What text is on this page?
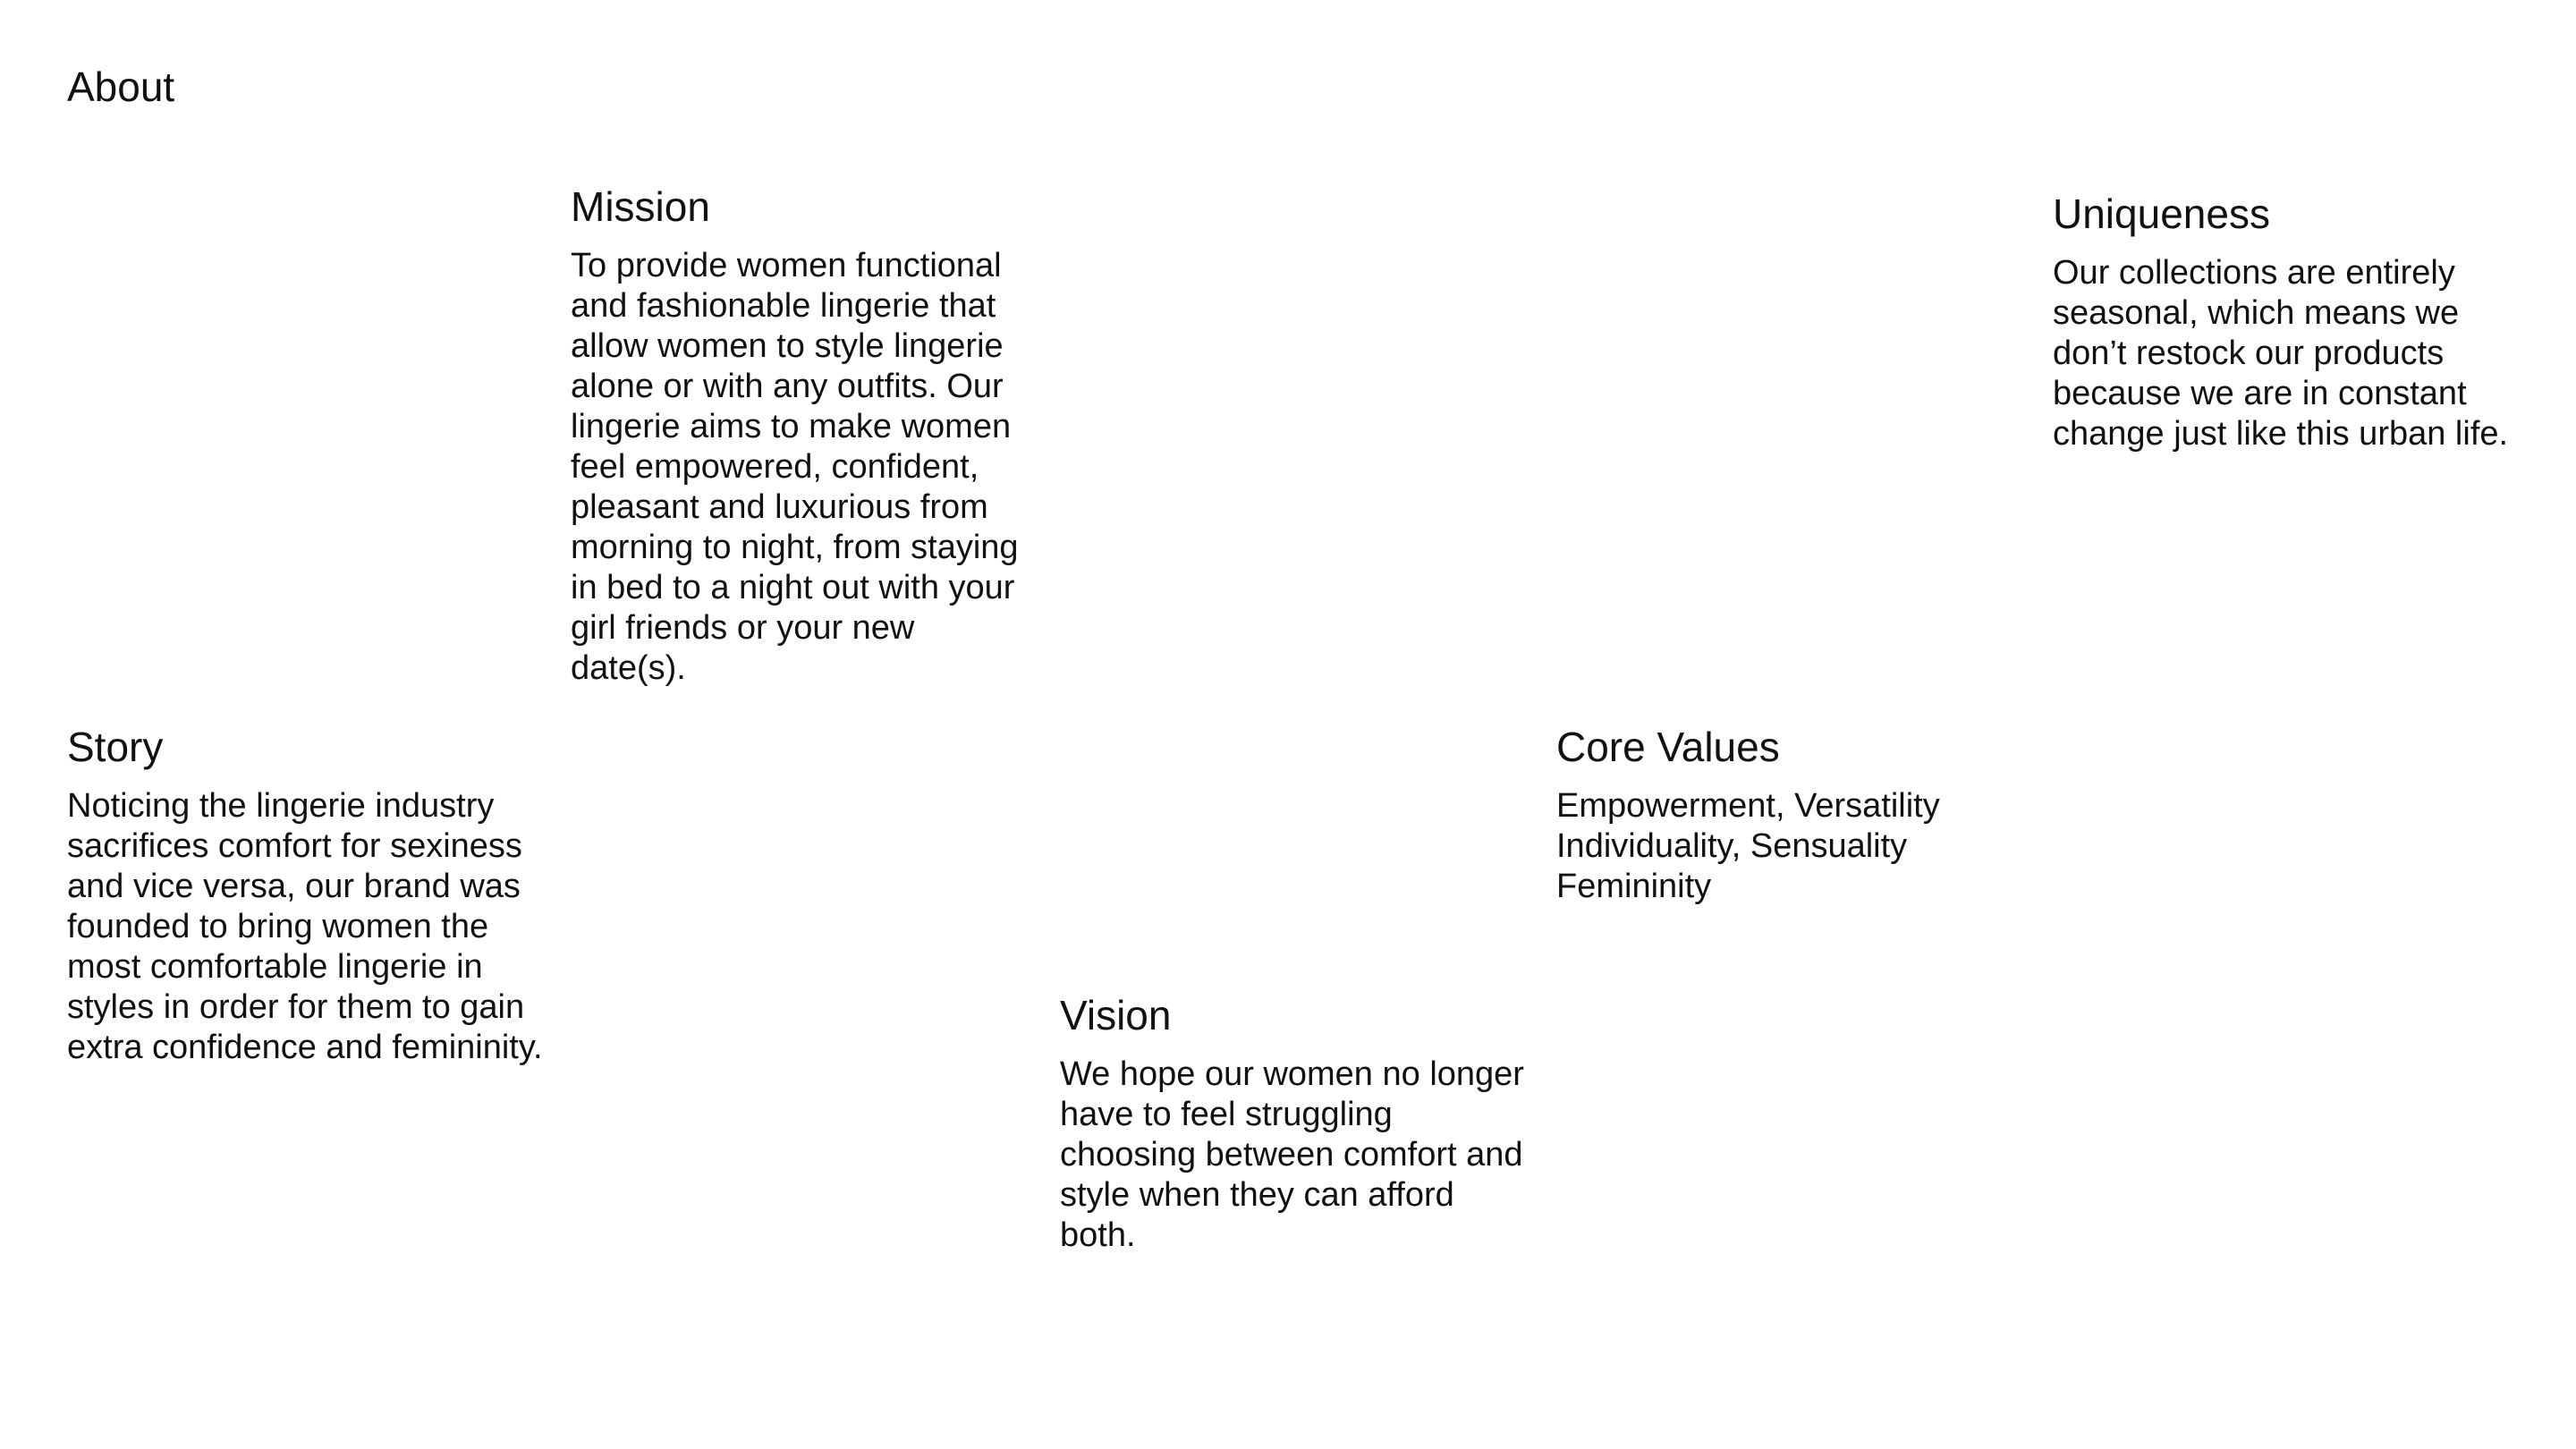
About
Mission

To provide women functional and fashionable lingerie that allow women to style lingerie alone or with any outfits. Our lingerie aims to make women feel empowered, confident, pleasant and luxurious from morning to night, from staying in bed to a night out with your girl friends or your new date(s).

Uniqueness

Our collections are entirely seasonal, which means we don’t restock our products because we are in constant change just like this urban life.

Story

Noticing the lingerie industry sacrifices comfort for sexiness and vice versa, our brand was founded to bring women the most comfortable lingerie in styles in order for them to gain extra confidence and femininity.

Core Values

Empowerment, Versatility
Individuality, Sensuality
Femininity

Vision

We hope our women no longer have to feel struggling choosing between comfort and style when they can afford both.
